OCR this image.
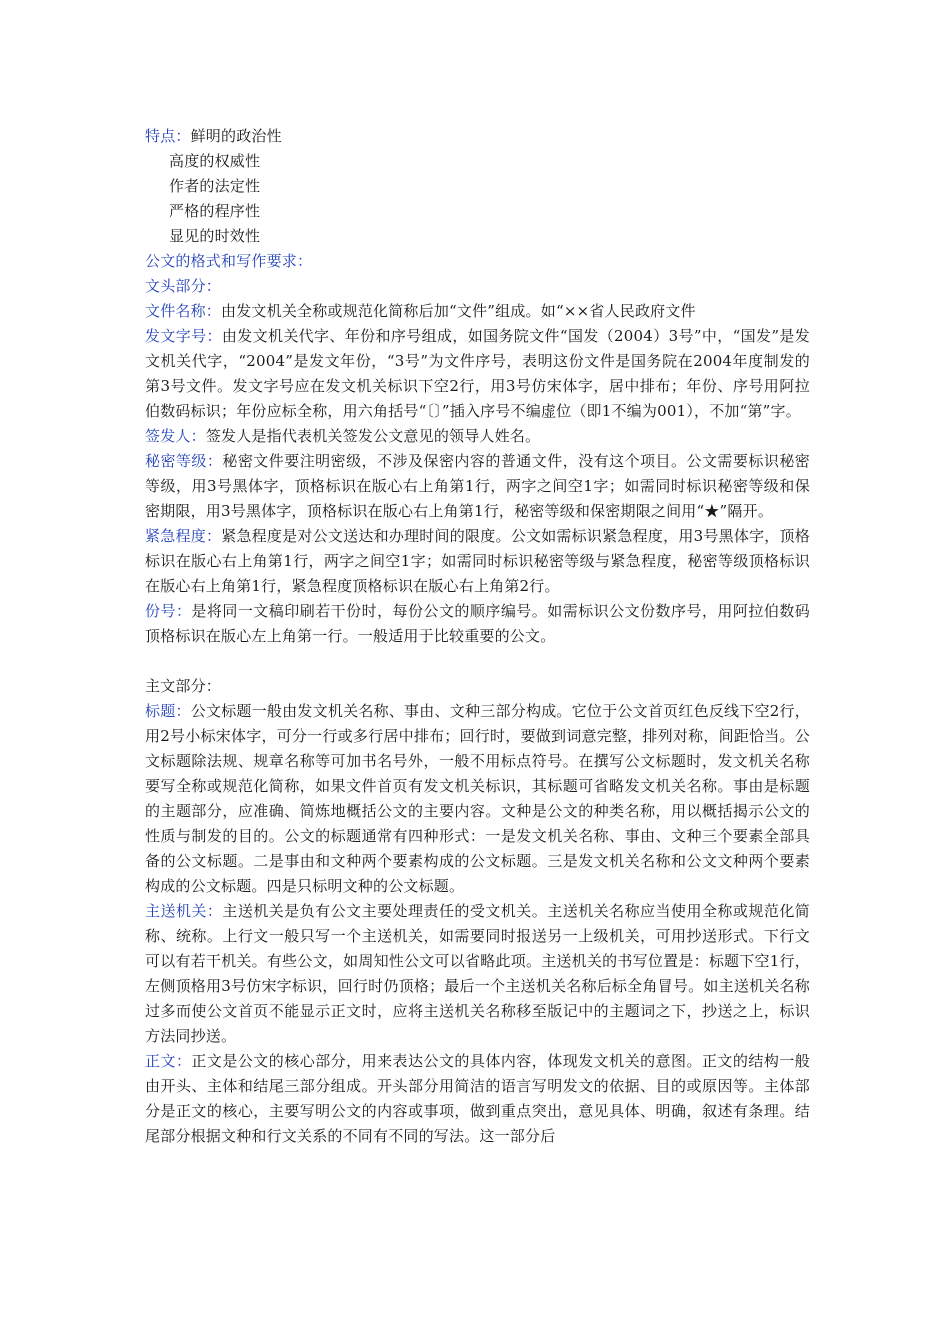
特点：鲜明的政治性
高度的权威性
作者的法定性
严格的程序性
显见的时效性
公文的格式和写作要求：
文头部分：
文件名称：由发文机关全称或规范化简称后加“文件”组成。如“××省人民政府文件
发文字号：由发文机关代字、年份和序号组成，如国务院文件“国发（2004）3号”中，“国发”是发文机关代字，“2004”是发文年份，“3号”为文件序号，表明这份文件是国务院在2004年度制发的第3号文件。发文字号应在发文机关标识下空2行，用3号仿宋体字，居中排布；年份、序号用阿拉伯数码标识；年份应标全称，用六角括号“〔〕”插入序号不编虚位（即1不编为001），不加“第”字。
签发人：签发人是指代表机关签发公文意见的领导人姓名。
秘密等级：秘密文件要注明密级，不涉及保密内容的普通文件，没有这个项目。公文需要标识秘密等级，用3号黑体字，顶格标识在版心右上角第1行，两字之间空1字；如需同时标识秘密等级和保密期限，用3号黑体字，顶格标识在版心右上角第1行，秘密等级和保密期限之间用“★”隔开。
紧急程度：紧急程度是对公文送达和办理时间的限度。公文如需标识紧急程度，用3号黑体字，顶格标识在版心右上角第1行，两字之间空1字；如需同时标识秘密等级与紧急程度，秘密等级顶格标识在版心右上角第1行，紧急程度顶格标识在版心右上角第2行。
份号：是将同一文稿印刷若干份时，每份公文的顺序编号。如需标识公文份数序号，用阿拉伯数码顶格标识在版心左上角第一行。一般适用于比较重要的公文。
主文部分：
标题：公文标题一般由发文机关名称、事由、文种三部分构成。它位于公文首页红色反线下空2行，用2号小标宋体字，可分一行或多行居中排布；回行时，要做到词意完整，排列对称，间距恰当。公文标题除法规、规章名称等可加书名号外，一般不用标点符号。在撰写公文标题时，发文机关名称要写全称或规范化简称，如果文件首页有发文机关标识，其标题可省略发文机关名称。事由是标题的主题部分，应准确、简炼地概括公文的主要内容。文种是公文的种类名称，用以概括揭示公文的性质与制发的目的。公文的标题通常有四种形式：一是发文机关名称、事由、文种三个要素全部具备的公文标题。二是事由和文种两个要素构成的公文标题。三是发文机关名称和公文文种两个要素构成的公文标题。四是只标明文种的公文标题。
主送机关：主送机关是负有公文主要处理责任的受文机关。主送机关名称应当使用全称或规范化简称、统称。上行文一般只写一个主送机关，如需要同时报送另一上级机关，可用抄送形式。下行文可以有若干机关。有些公文，如周知性公文可以省略此项。主送机关的书写位置是：标题下空1行，左侧顶格用3号仿宋字标识，回行时仍顶格；最后一个主送机关名称后标全角冒号。如主送机关名称过多而使公文首页不能显示正文时，应将主送机关名称移至版记中的主题词之下，抄送之上，标识方法同抄送。
正文：正文是公文的核心部分，用来表达公文的具体内容，体现发文机关的意图。正文的结构一般由开头、主体和结尾三部分组成。开头部分用简洁的语言写明发文的依据、目的或原因等。主体部分是正文的核心，主要写明公文的内容或事项，做到重点突出，意见具体、明确，叙述有条理。结尾部分根据文种和行文关系的不同有不同的写法。这一部分后
